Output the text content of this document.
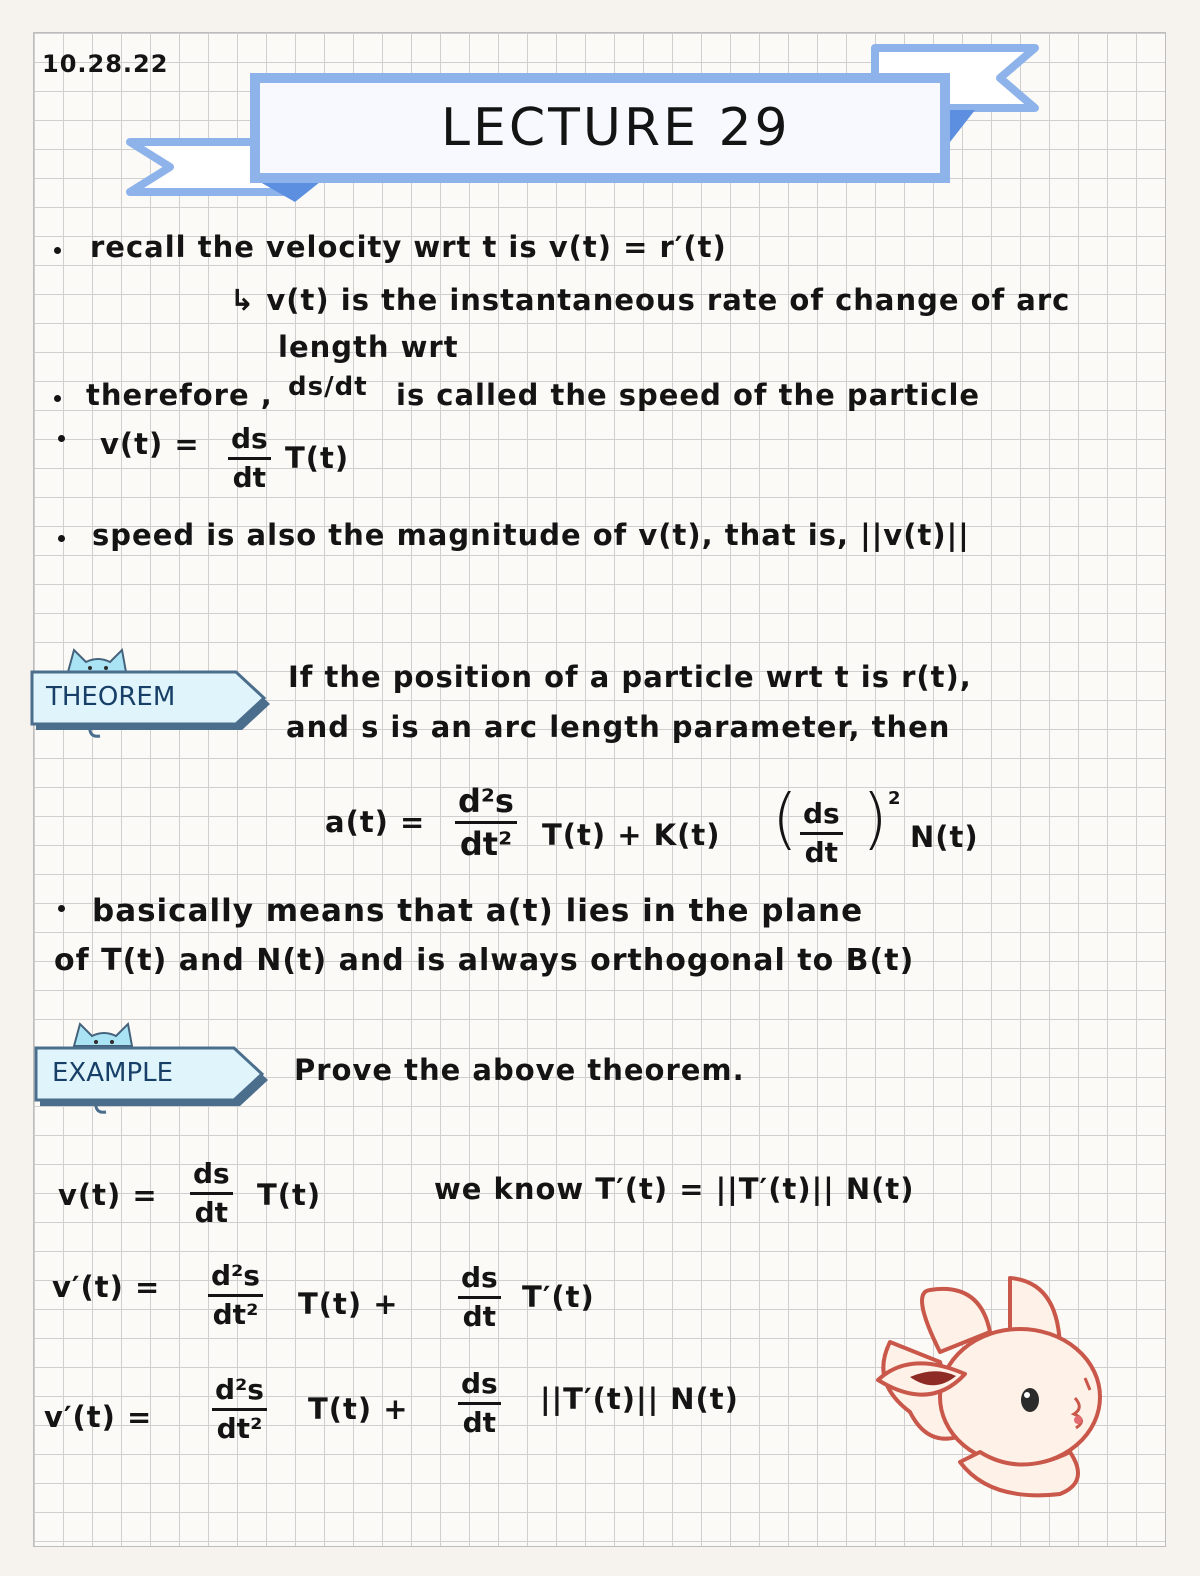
10.28.22
LECTURE 29
recall the velocity wrt t is v(t) = r′(t)
↳ v(t) is the instantaneous rate of change of arc
length wrt
therefore , ds/dt is called the speed of the particle
$v(t) = \frac{ds}{dt} T(t)$
speed is also the magnitude of v(t), that is, ||v(t)||
THEOREM
If the position of a particle wrt t is r(t),
and s is an arc length parameter, then
$a(t) = \frac{\text{d²s}}{\text{dt²}} T(t) + K(t)$ ( $\frac{ds}{dt}$ ) 2
N(t)
basically means that a(t) lies in the plane
of T(t) and N(t) and is always orthogonal to B(t)
EXAMPLE	Prove the above theorem.
$v(t) = \frac{ds}{dt} T(t)$	we know T′(t) = ||T′(t)|| N(t)
$v'(t) = \frac{\text{d²s}}{\text{dt²}} T(t) + \frac{ds}{dt} T'(t)$
$v'(t) = \frac{\text{d²s}}{\text{dt²}} T(t) + \frac{ds}{dt} ||T'(t)||$ N(t)
